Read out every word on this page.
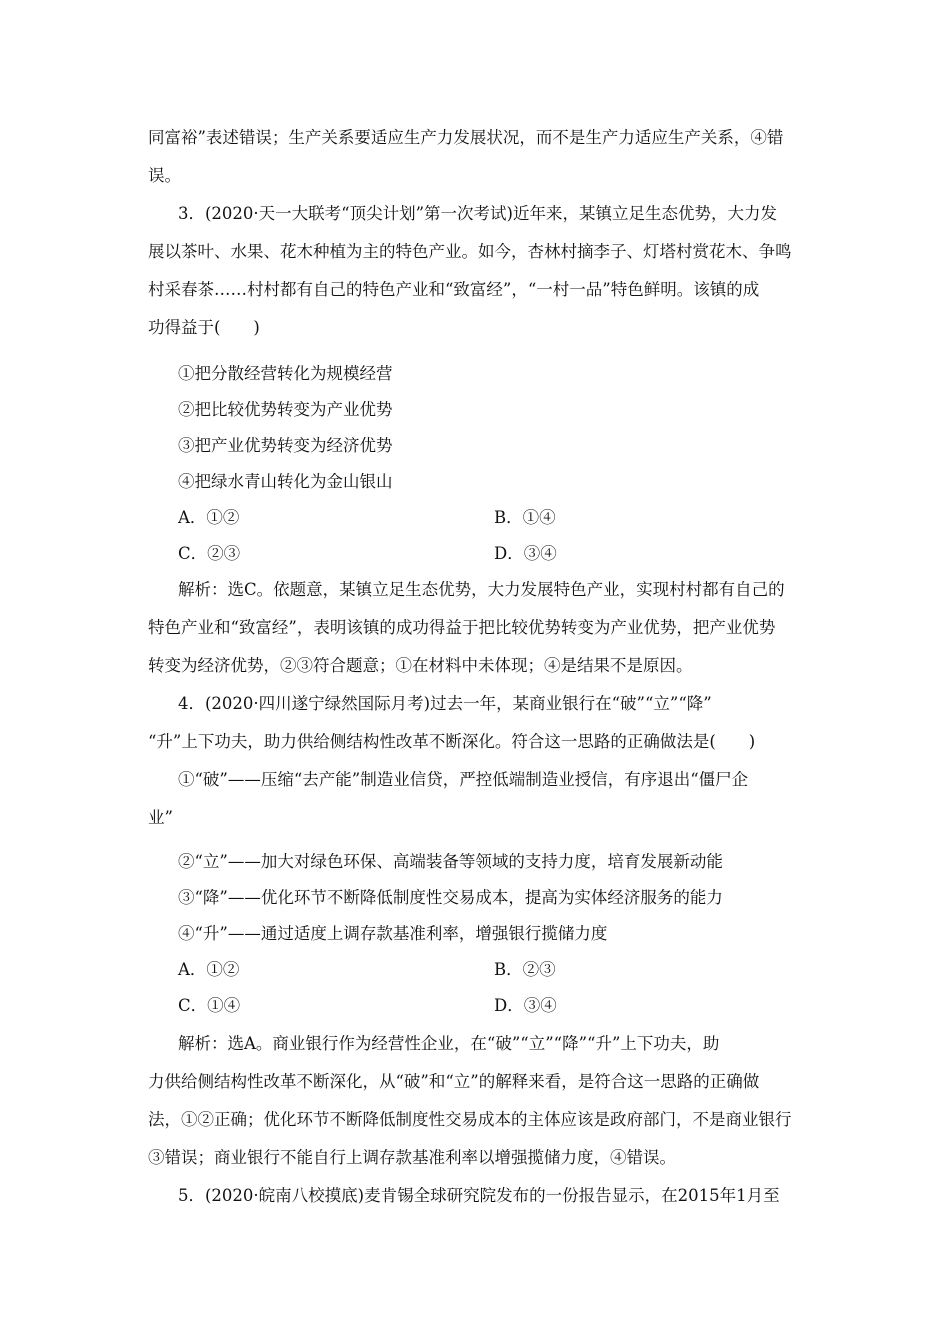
同富裕”表述错误；生产关系要适应生产力发展状况，而不是生产力适应生产关系，④错
误。
3．(2020·天一大联考“顶尖计划”第一次考试)近年来，某镇立足生态优势，大力发
展以茶叶、水果、花木种植为主的特色产业。如今，杏林村摘李子、灯塔村赏花木、争鸣
村采春茶……村村都有自己的特色产业和“致富经”，“一村一品”特色鲜明。该镇的成
功得益于(　　)
①把分散经营转化为规模经营
②把比较优势转变为产业优势
③把产业优势转变为经济优势
④把绿水青山转化为金山银山
A．①②	B．①④
C．②③	D．③④
解析：选C。依题意，某镇立足生态优势，大力发展特色产业，实现村村都有自己的
特色产业和“致富经”，表明该镇的成功得益于把比较优势转变为产业优势，把产业优势
转变为经济优势，②③符合题意；①在材料中未体现；④是结果不是原因。
4．(2020·四川遂宁绿然国际月考)过去一年，某商业银行在“破”“立”“降”
“升”上下功夫，助力供给侧结构性改革不断深化。符合这一思路的正确做法是(　　)
①“破”——压缩“去产能”制造业信贷，严控低端制造业授信，有序退出“僵尸企
业”
②“立”——加大对绿色环保、高端装备等领域的支持力度，培育发展新动能
③“降”——优化环节不断降低制度性交易成本，提高为实体经济服务的能力
④“升”——通过适度上调存款基准利率，增强银行揽储力度
A．①②	B．②③
C．①④	D．③④
解析：选A。商业银行作为经营性企业，在“破”“立”“降”“升”上下功夫，助
力供给侧结构性改革不断深化，从“破”和“立”的解释来看，是符合这一思路的正确做
法，①②正确；优化环节不断降低制度性交易成本的主体应该是政府部门，不是商业银行
③错误；商业银行不能自行上调存款基准利率以增强揽储力度，④错误。
5．(2020·皖南八校摸底)麦肯锡全球研究院发布的一份报告显示，在2015年1月至
